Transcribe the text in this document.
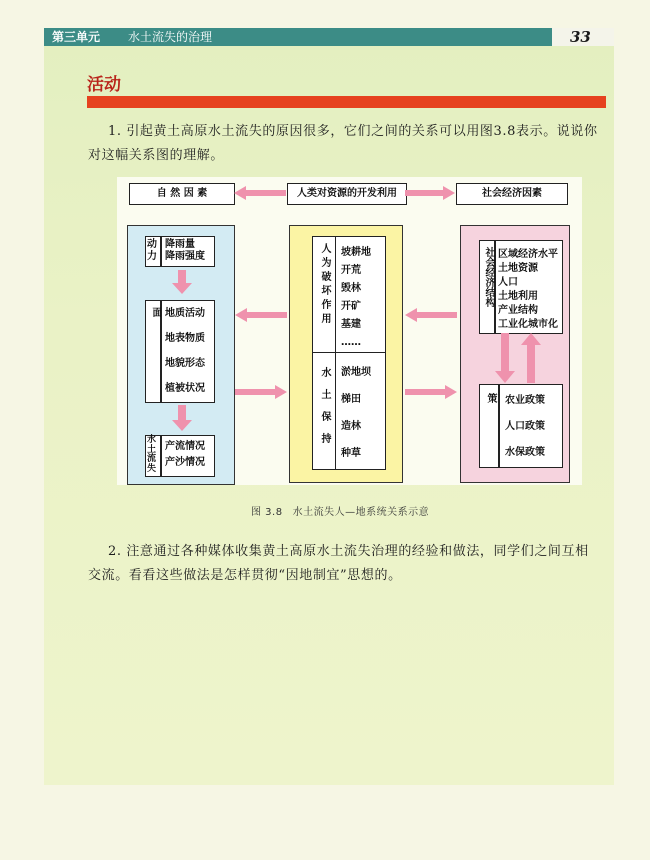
第三单元 水土流失的治理	33
活动
1. 引起黄土高原水土流失的原因很多，它们之间的关系可以用图3.8表示。说说你
对这幅关系图的理解。
自 然 因 素	人类对资源的开发利用	社会经济因素
动力
降雨量
降雨强度
面 地质活动
地表物质
地貌形态
植被状况
水土流失
产流情况
产沙情况
人为破坏作用 坡耕地
开荒
毁林
开矿
基建
……
水土保持 淤地坝
梯田
造林
种草
社会经济结构 区域经济水平
土地资源
人口
土地利用
产业结构
工业化城市化
策 农业政策
人口政策
水保政策
图 3.8 水土流失人—地系统关系示意
2. 注意通过各种媒体收集黄土高原水土流失治理的经验和做法，同学们之间互相
交流。看看这些做法是怎样贯彻“因地制宜”思想的。
